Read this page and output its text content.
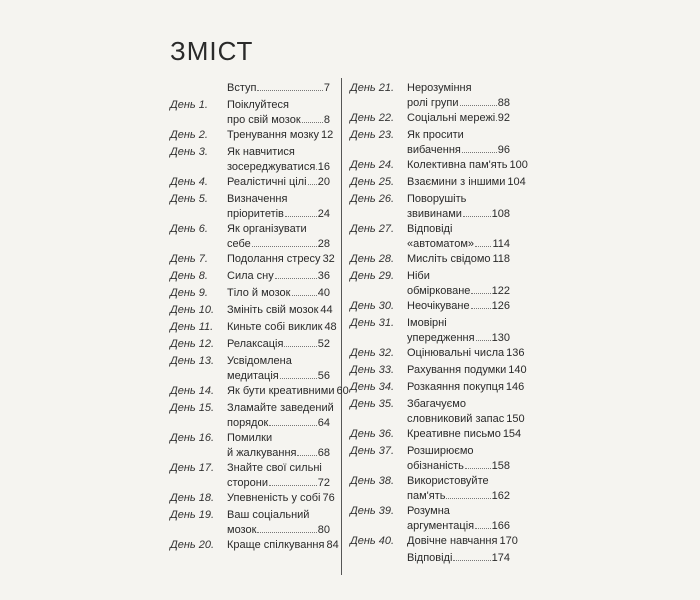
ЗМІСТ
Вступ	7
День 1.	Поіклуйтеся
про свій мозок 8
День 2.	Тренування мозку 12
День 3.	Як навчитися
зосереджуватися 16
День 4.	Реалістичні цілі 20
День 5.	Визначення
пріоритетів	24
День 6.	Як організувати
себе	28
День 7.	Подолання стресу 32
День 8.	Сила сну	36
День 9.	Тіло й мозок 40
День 10.	Змініть свій мозок 44
День 11.	Киньте собі виклик 48
День 12.	Релаксація	52
День 13.	Усвідомлена
медитація	56
День 14.	Як бути креативними 60
День 15.	Зламайте заведений
порядок	64
День 16.	Помилки
й жалкування 68
День 17.	Знайте свої сильні
сторони	72
День 18.	Упевненість у собі 76
День 19.	Ваш соціальний
мозок	80
День 20.	Краще спілкування 84
День 21.	Нерозуміння
ролі групи	88
День 22.	Соціальні мережі 92
День 23.	Як просити
вибачення	96
День 24.	Колективна пам'ять 100
День 25.	Взаємини з іншими 104
День 26.	Поворушіть
звивинами	108
День 27.	Відповіді
«автоматом» 114
День 28.	Мисліть свідомо 118
День 29.	Ніби
обмірковане 122
День 30.	Неочікуване 126
День 31.	Імовірні
упередження 130
День 32.	Оцінювальні числа 136
День 33.	Рахування подумки 140
День 34.	Розкаяння покупця 146
День 35.	Збагачуємо
словниковий запас 150
День 36.	Креативне письмо 154
День 37.	Розширюємо
обізнаність	158
День 38.	Використовуйте
пам'ять	162
День 39.	Розумна
аргументація 166
День 40.	Довічне навчання 170
Відповіді	174
